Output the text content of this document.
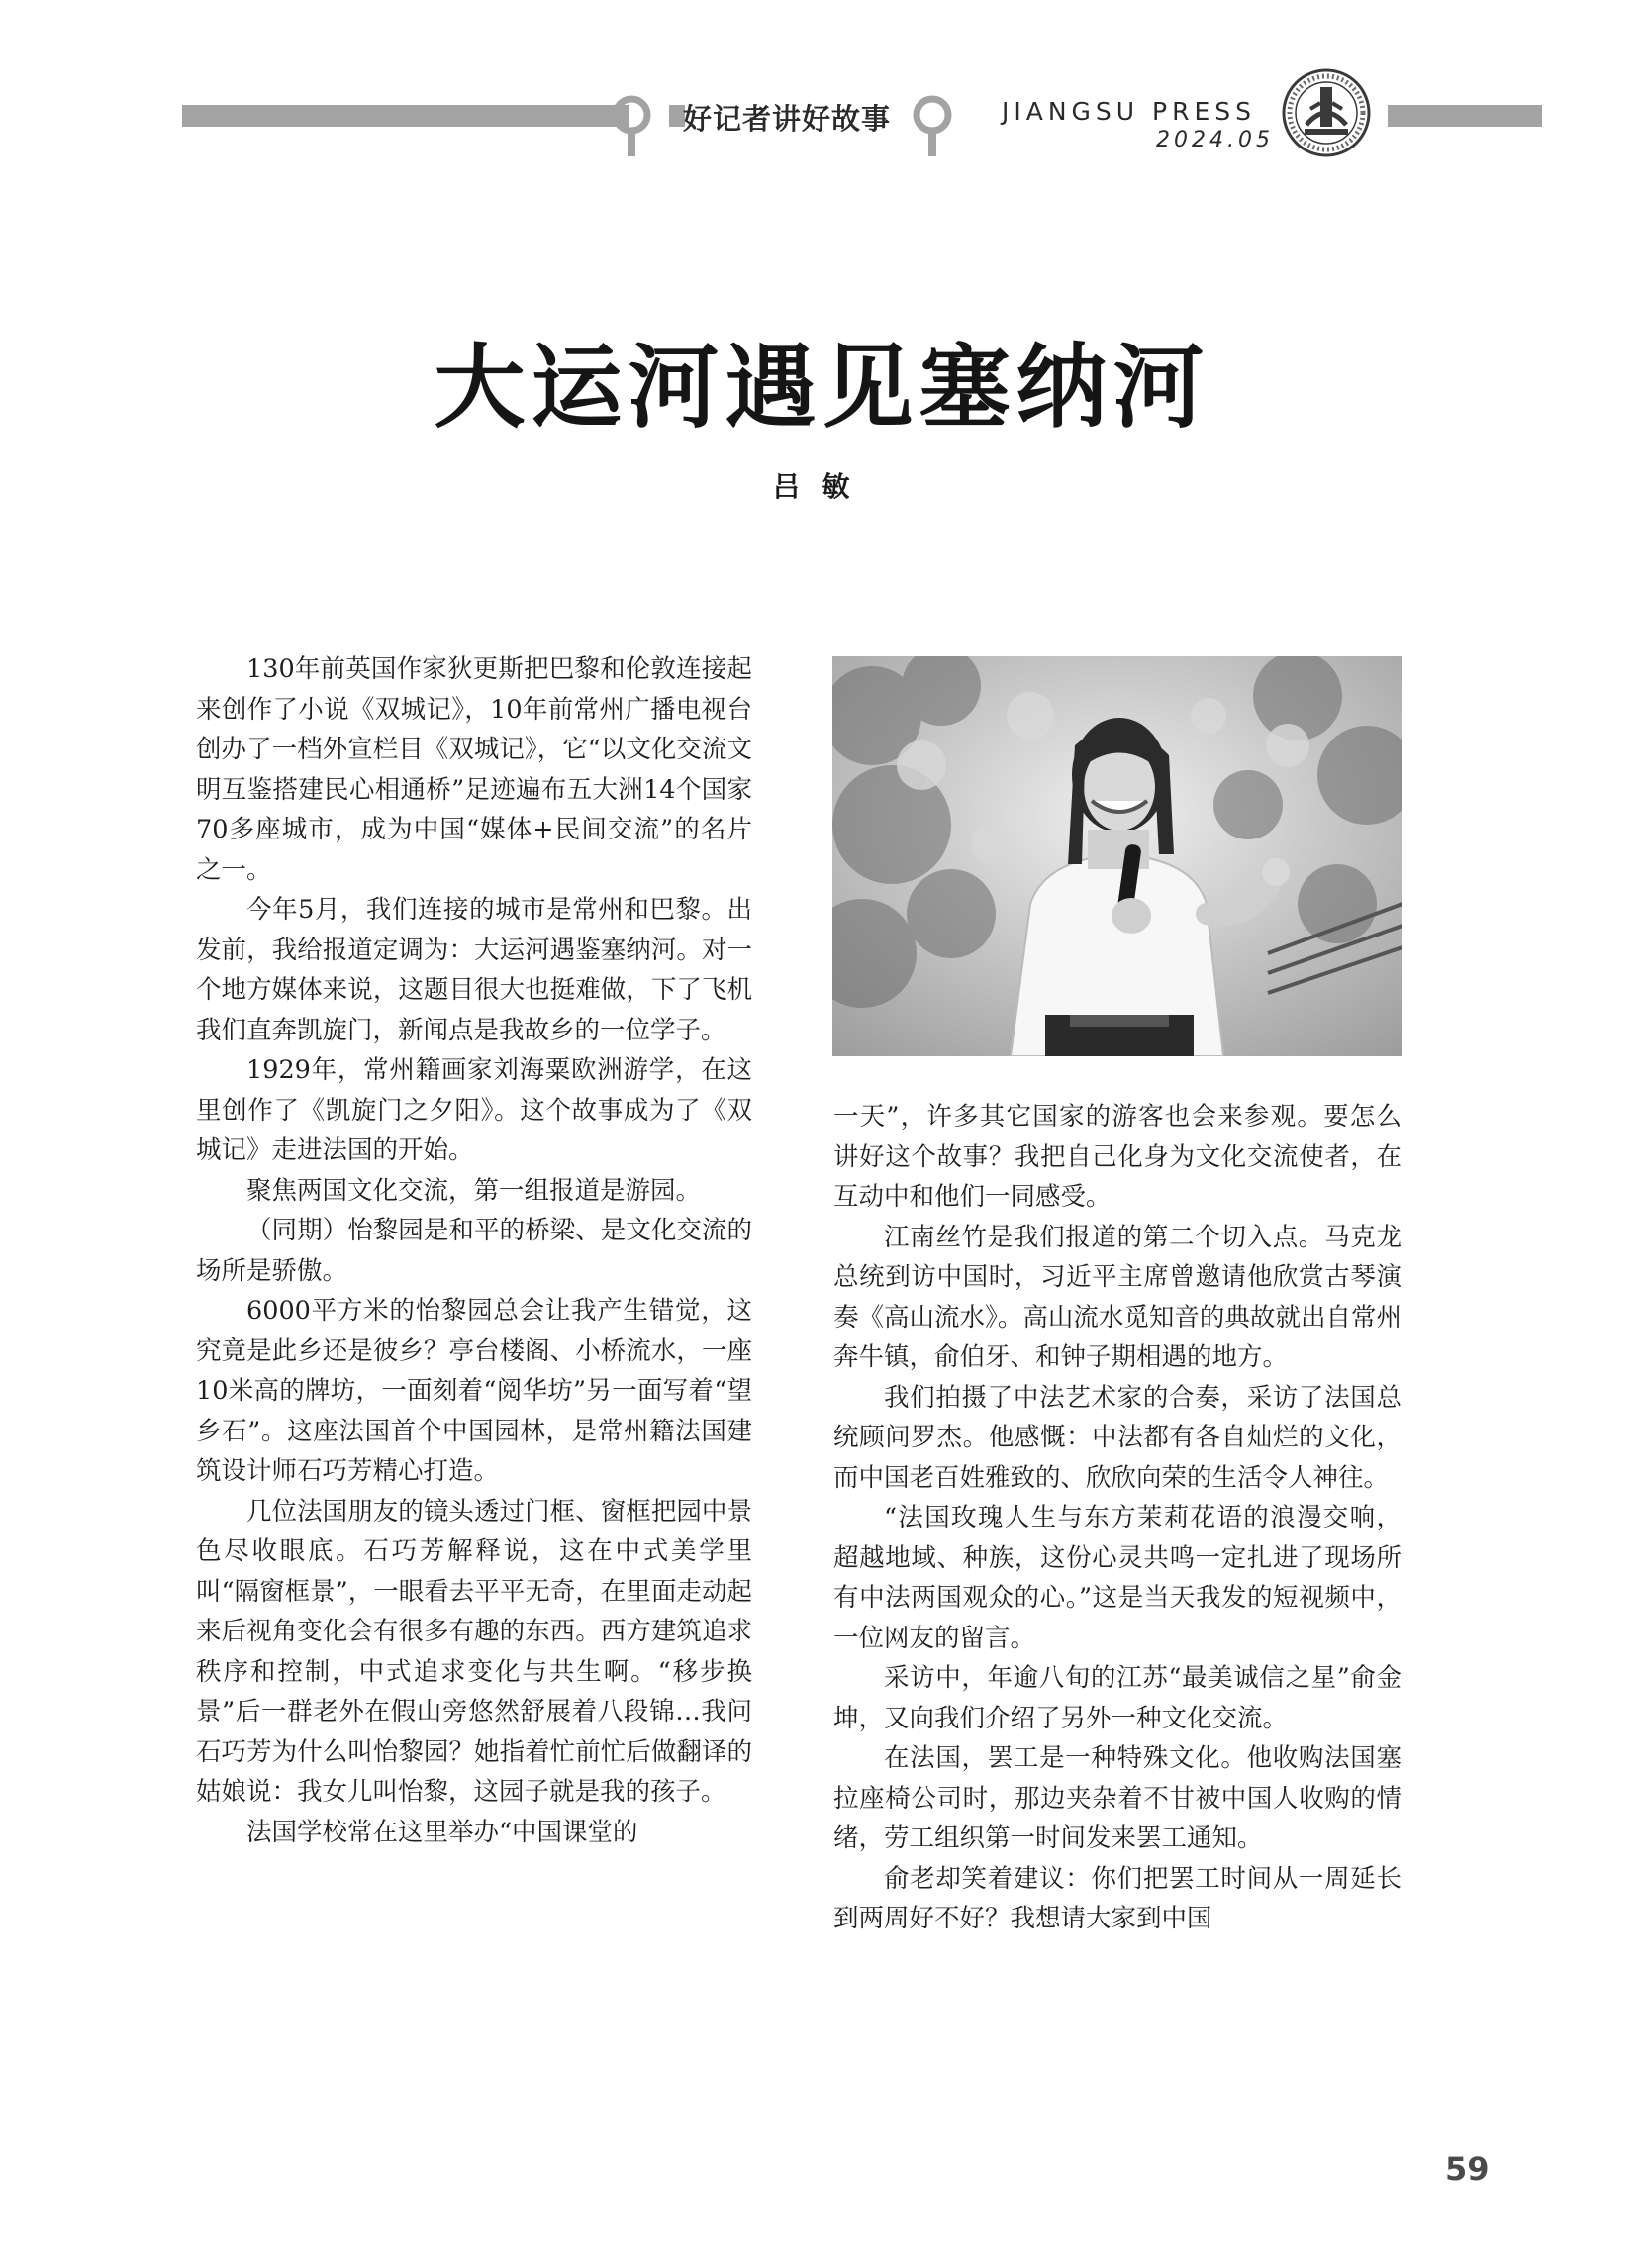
好记者讲好故事	JIANGSU PRESS
2024.05
大运河遇见塞纳河
吕敏

130年前英国作家狄更斯把巴黎和伦敦连接起来创作了小说《双城记》，10年前常州广播电视台创办了一档外宣栏目《双城记》，它“以文化交流文明互鉴搭建民心相通桥”足迹遍布五大洲14个国家70多座城市，成为中国“媒体+民间交流”的名片之一。

今年5月，我们连接的城市是常州和巴黎。出发前，我给报道定调为：大运河遇鉴塞纳河。对一个地方媒体来说，这题目很大也挺难做，下了飞机我们直奔凯旋门，新闻点是我故乡的一位学子。

1929年，常州籍画家刘海粟欧洲游学，在这里创作了《凯旋门之夕阳》。这个故事成为了《双城记》走进法国的开始。

聚焦两国文化交流，第一组报道是游园。

（同期）怡黎园是和平的桥梁、是文化交流的场所是骄傲。

6000平方米的怡黎园总会让我产生错觉，这究竟是此乡还是彼乡？亭台楼阁、小桥流水，一座10米高的牌坊，一面刻着“阅华坊”另一面写着“望乡石”。这座法国首个中国园林，是常州籍法国建筑设计师石巧芳精心打造。

几位法国朋友的镜头透过门框、窗框把园中景色尽收眼底。石巧芳解释说，这在中式美学里叫“隔窗框景”，一眼看去平平无奇，在里面走动起来后视角变化会有很多有趣的东西。西方建筑追求秩序和控制，中式追求变化与共生啊。“移步换景”后一群老外在假山旁悠然舒展着八段锦…我问石巧芳为什么叫怡黎园？她指着忙前忙后做翻译的姑娘说：我女儿叫怡黎，这园子就是我的孩子。

法国学校常在这里举办“中国课堂的

一天”，许多其它国家的游客也会来参观。要怎么讲好这个故事？我把自己化身为文化交流使者，在互动中和他们一同感受。

江南丝竹是我们报道的第二个切入点。马克龙总统到访中国时，习近平主席曾邀请他欣赏古琴演奏《高山流水》。高山流水觅知音的典故就出自常州奔牛镇，俞伯牙、和钟子期相遇的地方。

我们拍摄了中法艺术家的合奏，采访了法国总统顾问罗杰。他感慨：中法都有各自灿烂的文化，而中国老百姓雅致的、欣欣向荣的生活令人神往。

“法国玫瑰人生与东方茉莉花语的浪漫交响，超越地域、种族，这份心灵共鸣一定扎进了现场所有中法两国观众的心。”这是当天我发的短视频中，一位网友的留言。

采访中，年逾八旬的江苏“最美诚信之星”俞金坤，又向我们介绍了另外一种文化交流。

在法国，罢工是一种特殊文化。他收购法国塞拉座椅公司时，那边夹杂着不甘被中国人收购的情绪，劳工组织第一时间发来罢工通知。

俞老却笑着建议：你们把罢工时间从一周延长到两周好不好？我想请大家到中国

59
